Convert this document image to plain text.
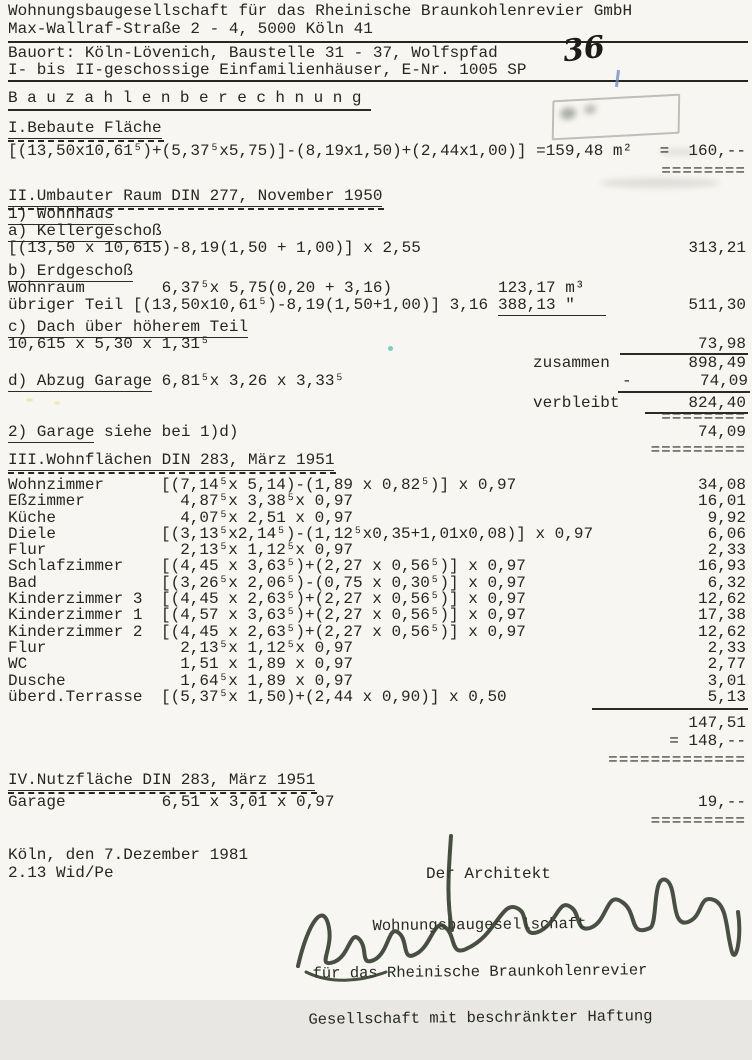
Wohnungsbaugesellschaft für das Rheinische Braunkohlenrevier GmbH
Max-Wallraf-Straße 2 - 4, 5000 Köln 41
Bauort: Köln-Lövenich, Baustelle 31 - 37, Wolfspfad
I- bis II-geschossige Einfamilienhäuser, E-Nr. 1005 SP
36
Bauzahlenberechnung
I.Bebaute Fläche
[(13,50x10,61⁵)+(5,37⁵x5,75)]-(8,19x1,50)+(2,44x1,00)] =159,48 m²	=  160,--
========
II.Umbauter Raum DIN 277, November 1950
1) Wohnhaus
a) Kellergeschoß
[(13,50 x 10,615)-8,19(1,50 + 1,00)] x 2,55	313,21
b) Erdgeschoß
Wohnraum        6,37⁵x 5,75(0,20 + 3,16)	123,17 m³
übriger Teil [(13,50x10,61⁵)-8,19(1,50+1,00)] 3,16 388,13 "	511,30
c) Dach über höherem Teil
10,615 x 5,30 x 1,31⁵	73,98
zusammen	898,49
d) Abzug Garage 6,81⁵x 3,26 x 3,33⁵	-	74,09
verbleibt	824,40
========
2) Garage siehe bei 1)d)	74,09
=========
III.Wohnflächen DIN 283, März 1951
Wohnzimmer	[(7,14⁵x 5,14)-(1,89 x 0,82⁵)] x 0,97	34,08
Eßzimmer	4,87⁵x 3,38⁵x 0,97	16,01
Küche	4,07⁵x 2,51 x 0,97	9,92
Diele	[(3,13⁵x2,14⁵)-(1,12⁵x0,35+1,01x0,08)] x 0,97	6,06
Flur	2,13⁵x 1,12⁵x 0,97	2,33
Schlafzimmer	[(4,45 x 3,63⁵)+(2,27 x 0,56⁵)] x 0,97	16,93
Bad	[(3,26⁵x 2,06⁵)-(0,75 x 0,30⁵)] x 0,97	6,32
Kinderzimmer 3	[(4,45 x 2,63⁵)+(2,27 x 0,56⁵)] x 0,97	12,62
Kinderzimmer 1	[(4,57 x 3,63⁵)+(2,27 x 0,56⁵)] x 0,97	17,38
Kinderzimmer 2	[(4,45 x 2,63⁵)+(2,27 x 0,56⁵)] x 0,97	12,62
Flur	2,13⁵x 1,12⁵x 0,97	2,33
WC	1,51 x 1,89 x 0,97	2,77
Dusche	1,64⁵x 1,89 x 0,97	3,01
überd.Terrasse	[(5,37⁵x 1,50)+(2,44 x 0,90)] x 0,50	5,13
147,51
= 148,--
=============
IV.Nutzfläche DIN 283, März 1951
Garage          6,51 x 3,01 x 0,97	19,--
=========
Köln, den 7.Dezember 1981
2.13 Wid/Pe	Der Architekt

Wohnungsbaugesellschaft

für das Rheinische Braunkohlenrevier

Gesellschaft mit beschränkter Haftung
